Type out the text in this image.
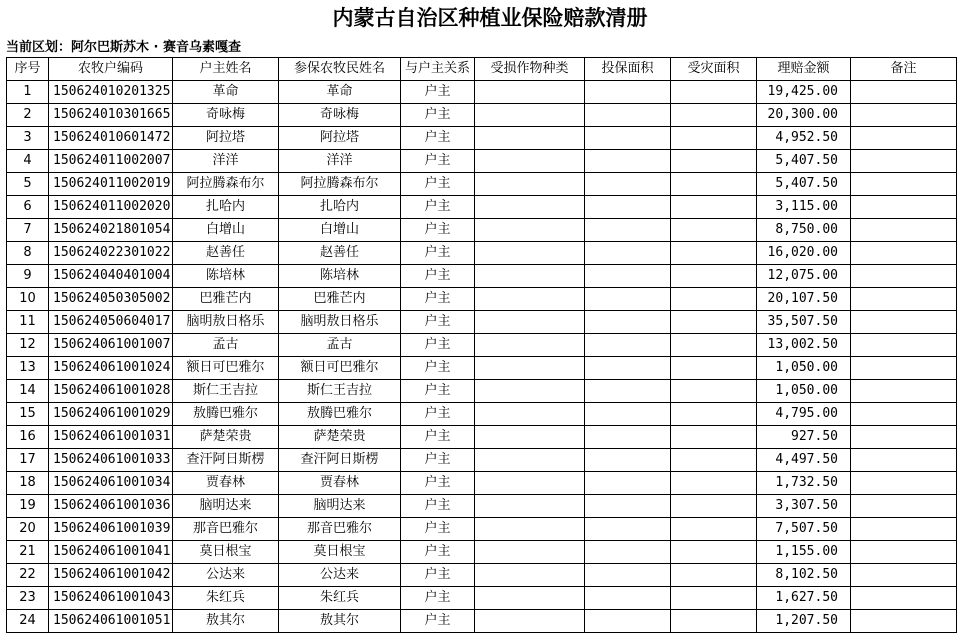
内蒙古自治区种植业保险赔款清册
当前区划：阿尔巴斯苏木 · 赛音乌素嘎查
序号	农牧户编码	户主姓名	参保农牧民姓名	与户主关系	受损作物种类	投保面积	受灾面积	理赔金额	备注
1	150624010201325	革命	革命	户主				19,425.00	
2	150624010301665	奇咏梅	奇咏梅	户主				20,300.00	
3	150624010601472	阿拉塔	阿拉塔	户主				4,952.50	
4	150624011002007	洋洋	洋洋	户主				5,407.50	
5	150624011002019	阿拉腾森布尔	阿拉腾森布尔	户主				5,407.50	
6	150624011002020	扎哈内	扎哈内	户主				3,115.00	
7	150624021801054	白增山	白增山	户主				8,750.00	
8	150624022301022	赵善任	赵善任	户主				16,020.00	
9	150624040401004	陈培林	陈培林	户主				12,075.00	
10	150624050305002	巴雅芒内	巴雅芒内	户主				20,107.50	
11	150624050604017	脑明敖日格乐	脑明敖日格乐	户主				35,507.50	
12	150624061001007	孟古	孟古	户主				13,002.50	
13	150624061001024	额日可巴雅尔	额日可巴雅尔	户主				1,050.00	
14	150624061001028	斯仁王吉拉	斯仁王吉拉	户主				1,050.00	
15	150624061001029	敖腾巴雅尔	敖腾巴雅尔	户主				4,795.00	
16	150624061001031	萨楚荣贵	萨楚荣贵	户主				927.50	
17	150624061001033	查汗阿日斯楞	查汗阿日斯楞	户主				4,497.50	
18	150624061001034	贾春林	贾春林	户主				1,732.50	
19	150624061001036	脑明达来	脑明达来	户主				3,307.50	
20	150624061001039	那音巴雅尔	那音巴雅尔	户主				7,507.50	
21	150624061001041	莫日根宝	莫日根宝	户主				1,155.00	
22	150624061001042	公达来	公达来	户主				8,102.50	
23	150624061001043	朱红兵	朱红兵	户主				1,627.50	
24	150624061001051	敖其尔	敖其尔	户主				1,207.50	
